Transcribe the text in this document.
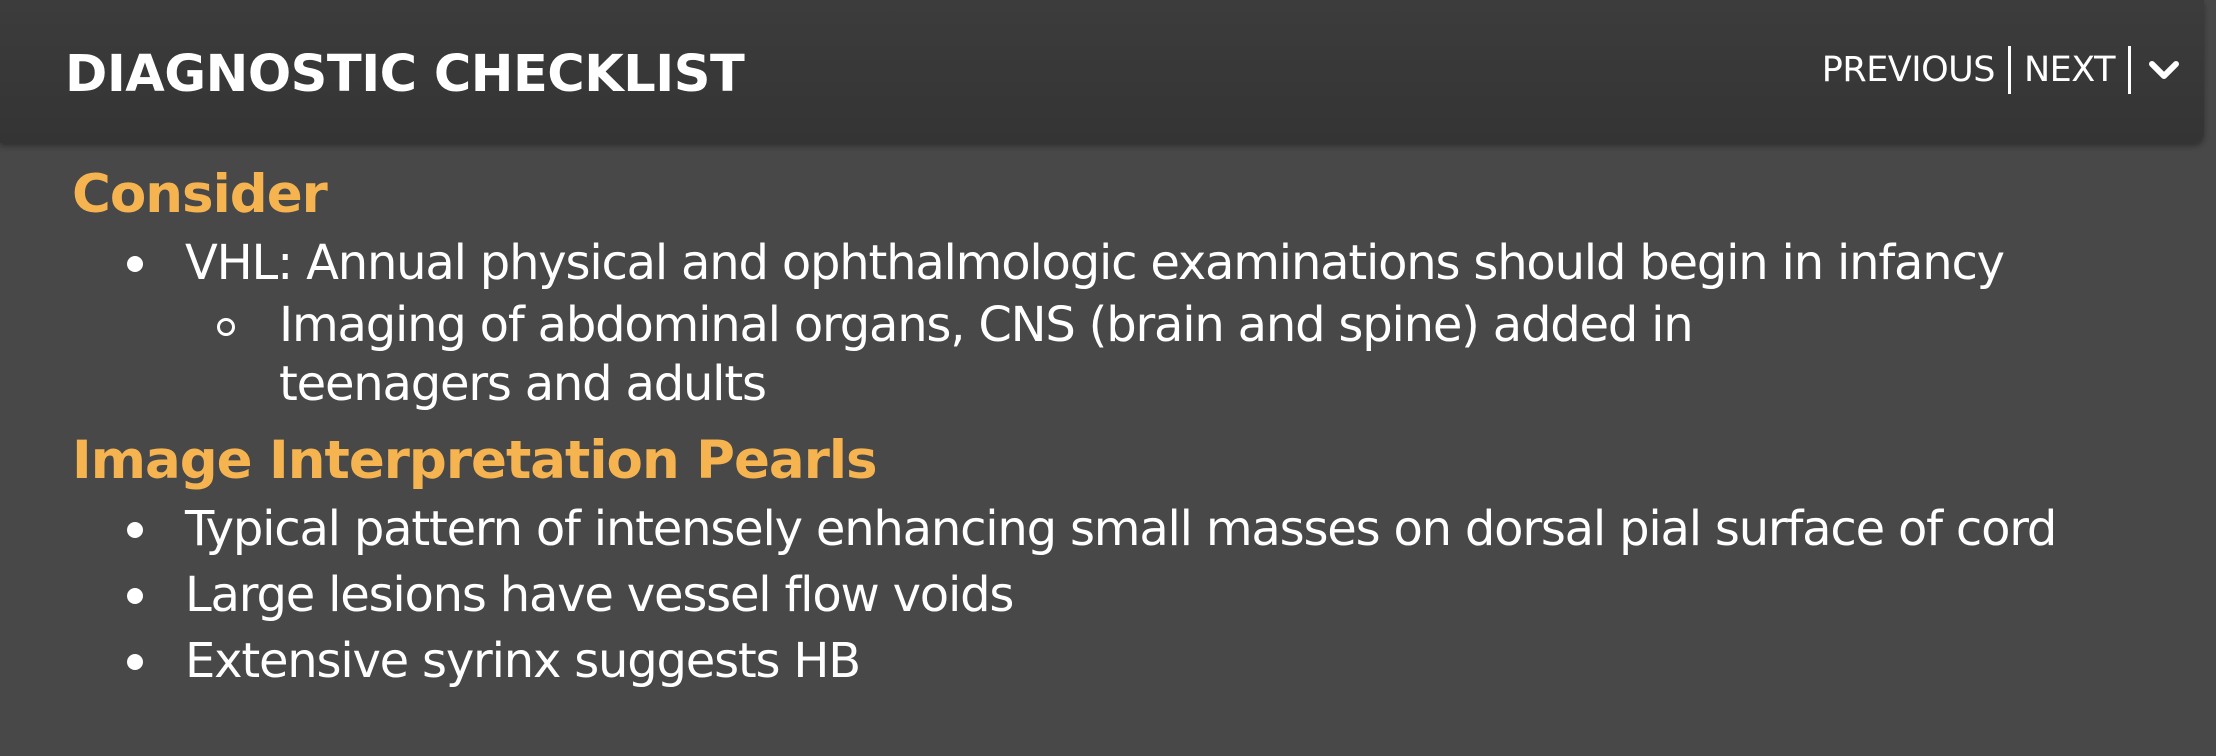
DIAGNOSTIC CHECKLIST	PREVIOUS NEXT
Consider
VHL: Annual physical and ophthalmologic examinations should begin in infancy
Imaging of abdominal organs, CNS (brain and spine) added in teenagers and adults
Image Interpretation Pearls
Typical pattern of intensely enhancing small masses on dorsal pial surface of cord
Large lesions have vessel flow voids
Extensive syrinx suggests HB
